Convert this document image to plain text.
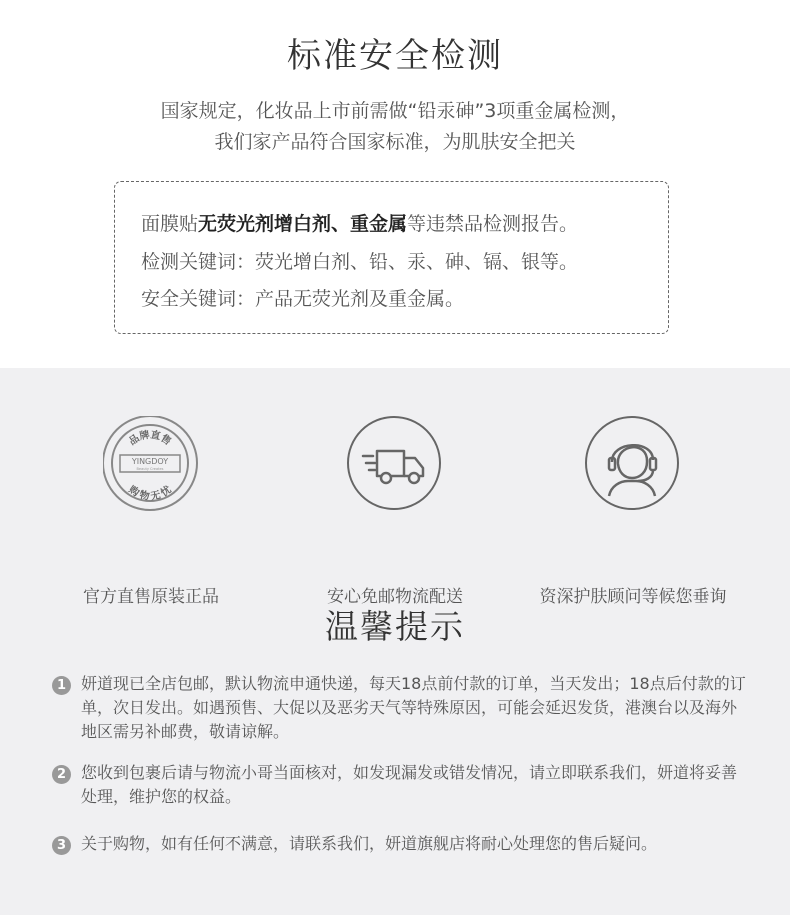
标准安全检测
国家规定，化妆品上市前需做“铅汞砷”3项重金属检测，
我们家产品符合国家标准，为肌肤安全把关
面膜贴无荧光剂增白剂、重金属等违禁品检测报告。
检测关键词：荧光增白剂、铅、汞、砷、镉、银等。
安全关键词：产品无荧光剂及重金属。
品牌直售
购物无忧
YINGDOY
Beauty Creates
官方直售原装正品	安心免邮物流配送	资深护肤顾问等候您垂询
温馨提示
1 妍道现已全店包邮，默认物流申通快递，每天18点前付款的订单，当天发出；18点后付款的订单，次日发出。如遇预售、大促以及恶劣天气等特殊原因，可能会延迟发货，港澳台以及海外地区需另补邮费，敬请谅解。
2 您收到包裹后请与物流小哥当面核对，如发现漏发或错发情况，请立即联系我们，妍道将妥善处理，维护您的权益。
3 关于购物，如有任何不满意，请联系我们，妍道旗舰店将耐心处理您的售后疑问。
